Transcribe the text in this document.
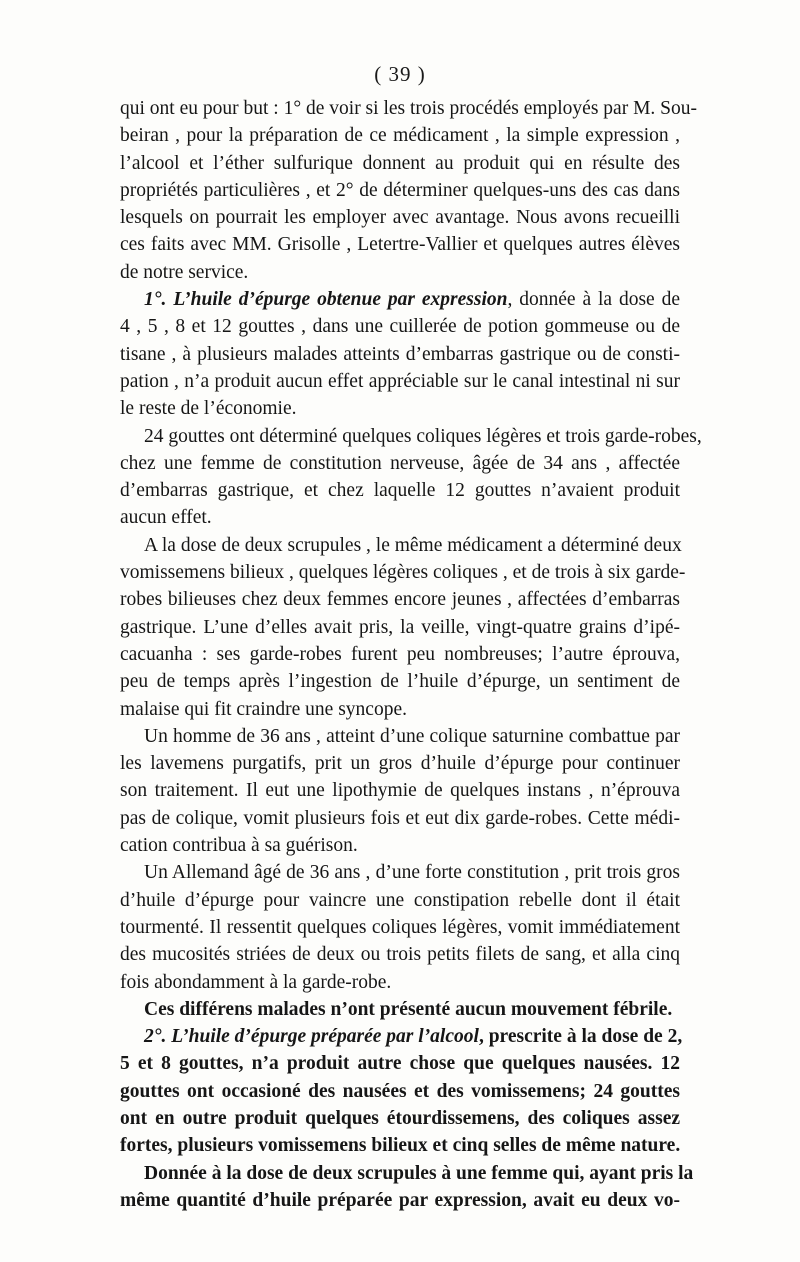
( 39 )
qui ont eu pour but : 1° de voir si les trois procédés employés par M. Sou-
beiran , pour la préparation de ce médicament , la simple expression ,
l’alcool et l’éther sulfurique donnent au produit qui en résulte des
propriétés particulières , et 2° de déterminer quelques-uns des cas dans
lesquels on pourrait les employer avec avantage. Nous avons recueilli
ces faits avec MM. Grisolle , Letertre-Vallier et quelques autres élèves
de notre service.
1°. L’huile d’épurge obtenue par expression, donnée à la dose de
4 , 5 , 8 et 12 gouttes , dans une cuillerée de potion gommeuse ou de
tisane , à plusieurs malades atteints d’embarras gastrique ou de consti-
pation , n’a produit aucun effet appréciable sur le canal intestinal ni sur
le reste de l’économie.
24 gouttes ont déterminé quelques coliques légères et trois garde-robes,
chez une femme de constitution nerveuse, âgée de 34 ans , affectée
d’embarras gastrique, et chez laquelle 12 gouttes n’avaient produit
aucun effet.
A la dose de deux scrupules , le même médicament a déterminé deux
vomissemens bilieux , quelques légères coliques , et de trois à six garde-
robes bilieuses chez deux femmes encore jeunes , affectées d’embarras
gastrique. L’une d’elles avait pris, la veille, vingt-quatre grains d’ipé-
cacuanha : ses garde-robes furent peu nombreuses; l’autre éprouva,
peu de temps après l’ingestion de l’huile d’épurge, un sentiment de
malaise qui fit craindre une syncope.
Un homme de 36 ans , atteint d’une colique saturnine combattue par
les lavemens purgatifs, prit un gros d’huile d’épurge pour continuer
son traitement. Il eut une lipothymie de quelques instans , n’éprouva
pas de colique, vomit plusieurs fois et eut dix garde-robes. Cette médi-
cation contribua à sa guérison.
Un Allemand âgé de 36 ans , d’une forte constitution , prit trois gros
d’huile d’épurge pour vaincre une constipation rebelle dont il était
tourmenté. Il ressentit quelques coliques légères, vomit immédiatement
des mucosités striées de deux ou trois petits filets de sang, et alla cinq
fois abondamment à la garde-robe.
Ces différens malades n’ont présenté aucun mouvement fébrile.
2°. L’huile d’épurge préparée par l’alcool, prescrite à la dose de 2,
5 et 8 gouttes, n’a produit autre chose que quelques nausées. 12
gouttes ont occasioné des nausées et des vomissemens; 24 gouttes
ont en outre produit quelques étourdissemens, des coliques assez
fortes, plusieurs vomissemens bilieux et cinq selles de même nature.
Donnée à la dose de deux scrupules à une femme qui, ayant pris la
même quantité d’huile préparée par expression, avait eu deux vo-
